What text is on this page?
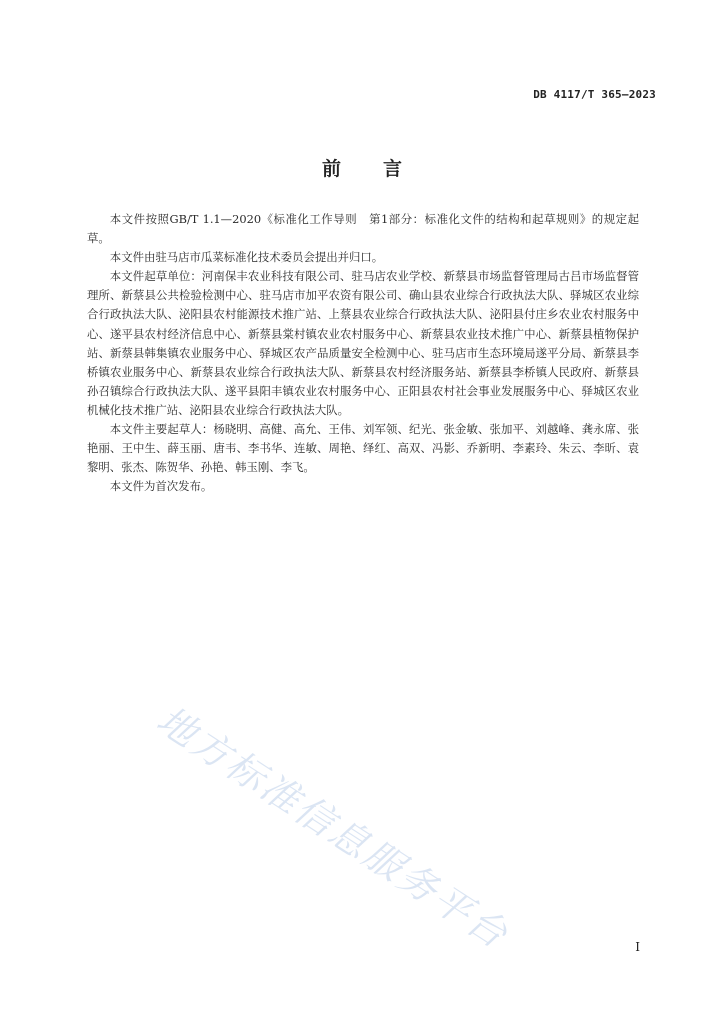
DB 4117/T 365—2023
前言

本文件按照GB/T 1.1—2020《标准化工作导则　第1部分：标准化文件的结构和起草规则》的规定起草。

本文件由驻马店市瓜菜标准化技术委员会提出并归口。

本文件起草单位：河南保丰农业科技有限公司、驻马店农业学校、新蔡县市场监督管理局古吕市场监督管理所、新蔡县公共检验检测中心、驻马店市加平农资有限公司、确山县农业综合行政执法大队、驿城区农业综合行政执法大队、泌阳县农村能源技术推广站、上蔡县农业综合行政执法大队、泌阳县付庄乡农业农村服务中心、遂平县农村经济信息中心、新蔡县棠村镇农业农村服务中心、新蔡县农业技术推广中心、新蔡县植物保护站、新蔡县韩集镇农业服务中心、驿城区农产品质量安全检测中心、驻马店市生态环境局遂平分局、新蔡县李桥镇农业服务中心、新蔡县农业综合行政执法大队、新蔡县农村经济服务站、新蔡县李桥镇人民政府、新蔡县孙召镇综合行政执法大队、遂平县阳丰镇农业农村服务中心、正阳县农村社会事业发展服务中心、驿城区农业机械化技术推广站、泌阳县农业综合行政执法大队。

本文件主要起草人：杨晓明、高健、高允、王伟、刘军领、纪光、张金敏、张加平、刘越峰、龚永席、张艳丽、王中生、薛玉丽、唐韦、李书华、连敏、周艳、绎红、高双、冯影、乔新明、李素玲、朱云、李昕、袁黎明、张杰、陈贺华、孙艳、韩玉刚、李飞。

本文件为首次发布。

地方标准信息服务平台	I
